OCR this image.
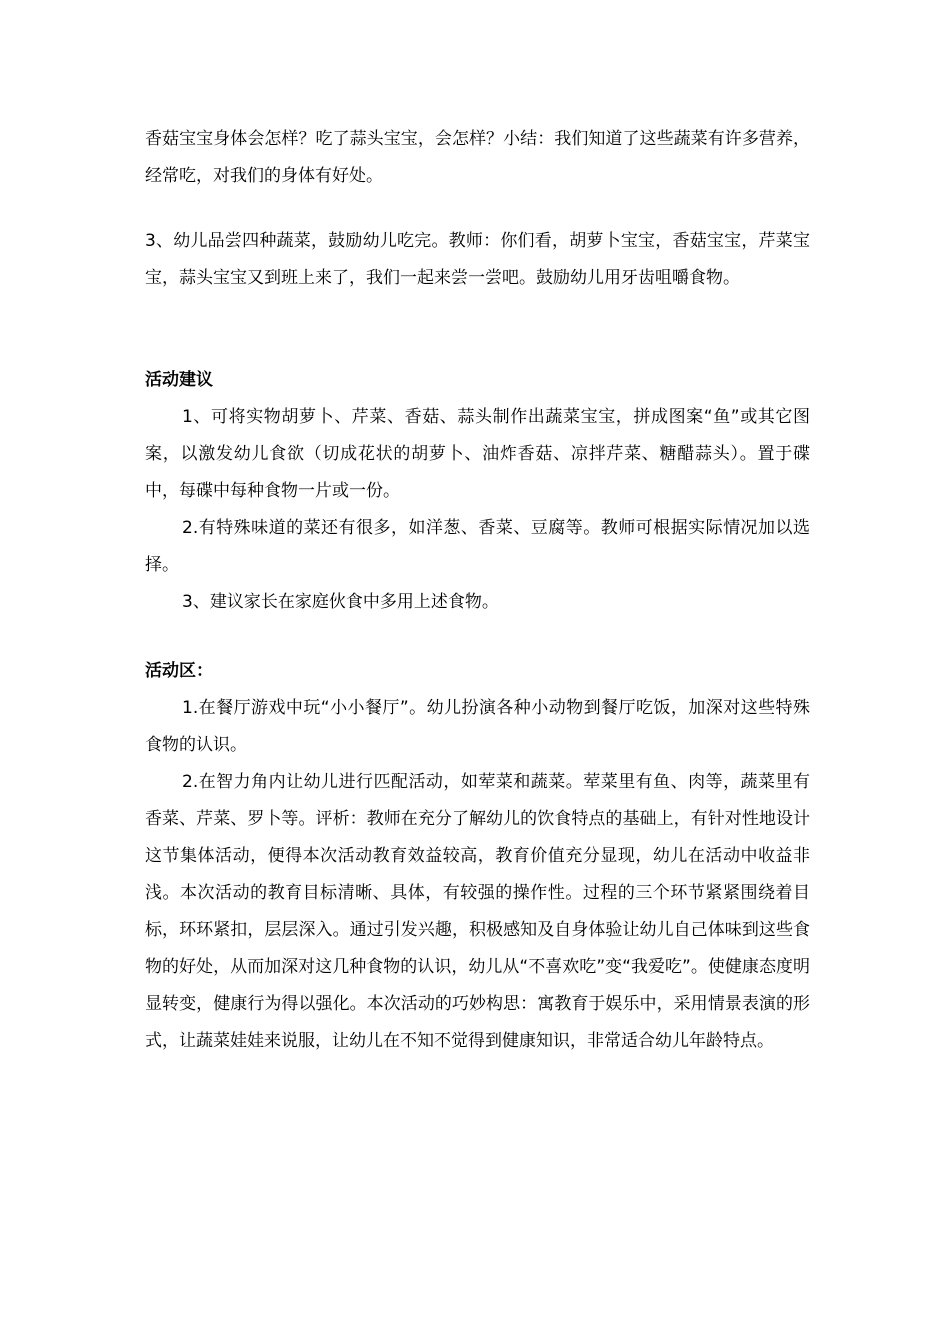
香菇宝宝身体会怎样？吃了蒜头宝宝，会怎样？小结：我们知道了这些蔬菜有许多营养，经常吃，对我们的身体有好处。

3、幼儿品尝四种蔬菜，鼓励幼儿吃完。教师：你们看，胡萝卜宝宝，香菇宝宝，芹菜宝宝，蒜头宝宝又到班上来了，我们一起来尝一尝吧。鼓励幼儿用牙齿咀嚼食物。

活动建议

1、可将实物胡萝卜、芹菜、香菇、蒜头制作出蔬菜宝宝，拼成图案“鱼”或其它图案，以激发幼儿食欲（切成花状的胡萝卜、油炸香菇、凉拌芹菜、糖醋蒜头）。置于碟中，每碟中每种食物一片或一份。

2.有特殊味道的菜还有很多，如洋葱、香菜、豆腐等。教师可根据实际情况加以选择。

3、建议家长在家庭伙食中多用上述食物。

活动区：

1.在餐厅游戏中玩“小小餐厅”。幼儿扮演各种小动物到餐厅吃饭，加深对这些特殊食物的认识。

2.在智力角内让幼儿进行匹配活动，如荤菜和蔬菜。荤菜里有鱼、肉等，蔬菜里有香菜、芹菜、罗卜等。评析：教师在充分了解幼儿的饮食特点的基础上，有针对性地设计这节集体活动，便得本次活动教育效益较高，教育价值充分显现，幼儿在活动中收益非浅。本次活动的教育目标清晰、具体，有较强的操作性。过程的三个环节紧紧围绕着目标，环环紧扣，层层深入。通过引发兴趣，积极感知及自身体验让幼儿自己体味到这些食物的好处，从而加深对这几种食物的认识，幼儿从“不喜欢吃”变“我爱吃”。使健康态度明显转变，健康行为得以强化。本次活动的巧妙构思：寓教育于娱乐中，采用情景表演的形式，让蔬菜娃娃来说服，让幼儿在不知不觉得到健康知识，非常适合幼儿年龄特点。
